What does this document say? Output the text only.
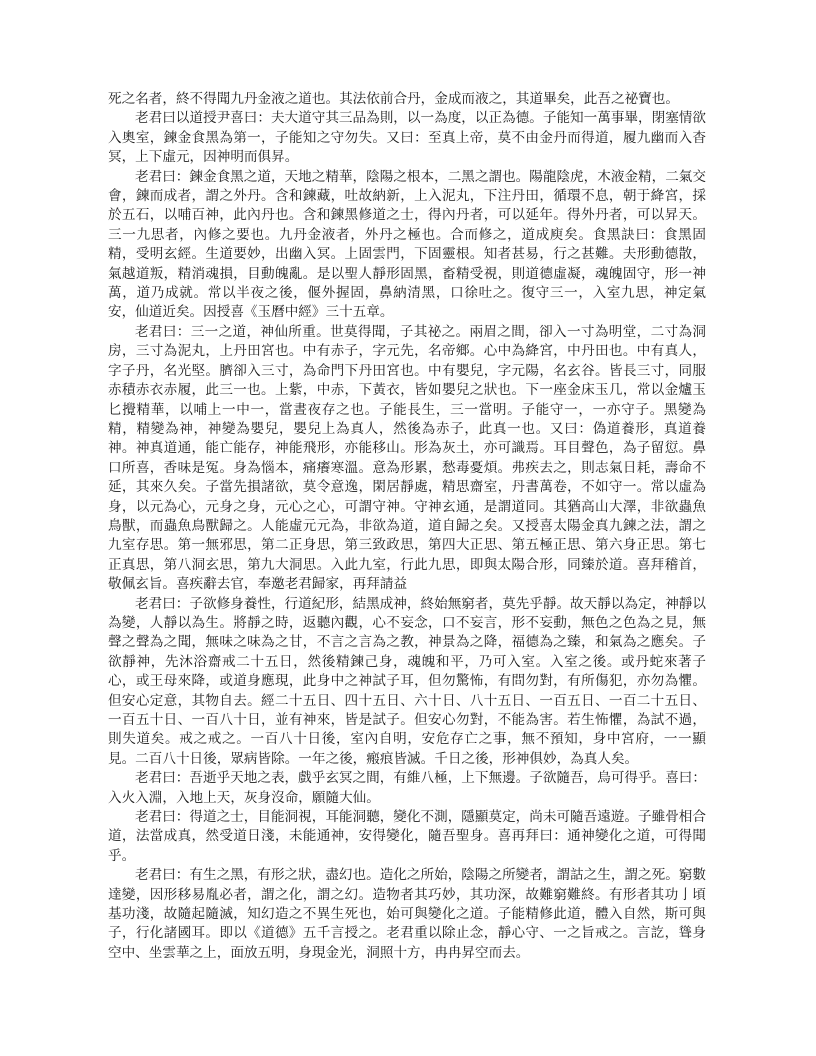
死之名者，終不得聞九丹金液之道也。其法依前合丹，金成而液之，其道畢矣，此吾之祕寶也。

老君曰以道授尹喜曰：夫大道守其三品為則，以一為度，以正為德。子能知一萬事畢，閉塞情欲入奧室，鍊金食黑為第一，子能知之守勿失。又曰：至真上帝，莫不由金丹而得道，履九幽而入杳冥，上下虛元，因神明而俱昇。

老君曰：鍊金食黑之道，天地之精華，陰陽之根本，二黑之謂也。陽龍陰虎，木液金精，二氣交會，鍊而成者，謂之外丹。含和鍊藏，吐故納新，上入泥丸，下注丹田，循環不息，朝于絳宮，採於五石，以哺百神，此內丹也。含和鍊黑修道之士，得內丹者，可以延年。得外丹者，可以昇天。三一九思者，內修之要也。九丹金液者，外丹之極也。合而修之，道成庾矣。食黑訣曰：食黑固精，受明玄經。生道要妙，出幽入冥。上固雲門，下固靈根。知者甚易，行之甚難。夫形動德散，氣越道叛，精消魂損，目動魄亂。是以聖人靜形固黑，畜精受視，則道德虛凝，魂魄固守，形一神萬，道乃成就。常以半夜之後，偃外握固，鼻納清黑，口徐吐之。復守三一，入室九思，神定氣安，仙道近矣。因授喜《玉曆中經》三十五章。

老君曰：三一之道，神仙所重。世莫得聞，子其祕之。兩眉之間，卻入一寸為明堂，二寸為洞房，三寸為泥丸，上丹田宮也。中有赤子，字元先，名帝鄉。心中為絳宮，中丹田也。中有真人，字子丹，名光堅。臍卻入三寸，為命門下丹田宮也。中有嬰兒，字元陽，名玄谷。皆長三寸，同服赤積赤衣赤履，此三一也。上紫，中赤，下黃衣，皆如嬰兒之狀也。下一座金床玉几，常以金爐玉匕攪精華，以哺上一中一，當晝夜存之也。子能長生，三一當明。子能守一，一亦守子。黑變為精，精變為神，神變為嬰兒，嬰兒上為真人，然後為赤子，此真一也。又曰：偽道養形，真道養神。神真道通，能亡能存，神能飛形，亦能移山。形為灰土，亦可識焉。耳目聲色，為子留愆。鼻口所喜，香味是冤。身為惱本，痛癢寒溫。意為形累，愁毒憂煩。弗疾去之，則志氣日耗，壽命不延，其來久矣。子當先損諸欲，莫令意逸，閑居靜處，精思齋室，丹書萬卷，不如守一。常以虛為身，以元為心，元身之身，元心之心，可謂守神。守神玄通，是謂道同。其猶高山大澤，非欲蟲魚鳥獸，而蟲魚鳥獸歸之。人能虛元元為，非欲為道，道自歸之矣。又授喜太陽金真九鍊之法，謂之九室存思。第一無邪思，第二正身思，第三致政思，第四大正思、第五極正思、第六身正思。第七正真思，第八洞玄思，第九大洞思。入此九室，行此九思，即與太陽合形，同臻於道。喜拜稽首，敬佩玄旨。喜疾辭去官，奉邀老君歸家，再拜請益

老君曰：子欲修身養性，行道紀形，結黑成神，終始無窮者，莫先乎靜。故天靜以為定，神靜以為變，人靜以為生。將靜之時，返聽內觀，心不妄念，口不妄言，形不妄動，無色之色為之見，無聲之聲為之聞，無味之味為之甘，不言之言為之教，神景為之降，福德為之臻，和氣為之應矣。子欲靜神，先沐浴齋戒二十五日，然後精鍊己身，魂魄和平，乃可入室。入室之後。或丹蛇來著子心，或王母來降，或道身應現，此身中之神試子耳，但勿驚怖，有問勿對，有所傷犯，亦勿為懼。但安心定意，其物自去。經二十五日、四十五日、六十日、八十五日、一百五日、一百二十五日、一百五十日、一百八十日，並有神來，皆是試子。但安心勿對，不能為害。若生怖懼，為試不過，則失道矣。戒之戒之。一百八十日後，室內自明，安危存亡之事，無不預知，身中宮府，一一顯見。二百八十日後，眾病皆除。一年之後，瘢痕皆滅。千日之後，形神俱妙，為真人矣。

老君曰：吾逝乎天地之表，戲乎玄冥之間，有維八極，上下無邊。子欲隨吾，烏可得乎。喜曰：入火入淵，入地上天，灰身沒命，願隨大仙。

老君曰：得道之士，目能洞視，耳能洞聽，變化不測，隱顯莫定，尚未可隨吾遠遊。子雖骨相合道，法當成真，然受道日淺，未能通神，安得變化，隨吾聖身。喜再拜曰：通神變化之道，可得聞乎。

老君曰：有生之黑，有形之狀，盡幻也。造化之所始，陰陽之所變者，謂詁之生，謂之死。窮數達變，因形移易胤必者，謂之化，謂之幻。造物者其巧妙，其功深，故難窮難終。有形者其功亅頃基功淺，故隨起隨滅，知幻造之不異生死也，始可與變化之道。子能精修此道，體入自然，斯可與子，行化諸國耳。即以《道德》五千言授之。老君重以除止念，靜心守、一之旨戒之。言訖，聳身空中、坐雲華之上，面放五明，身現金光，洞照十方，冉冉昇空而去。
